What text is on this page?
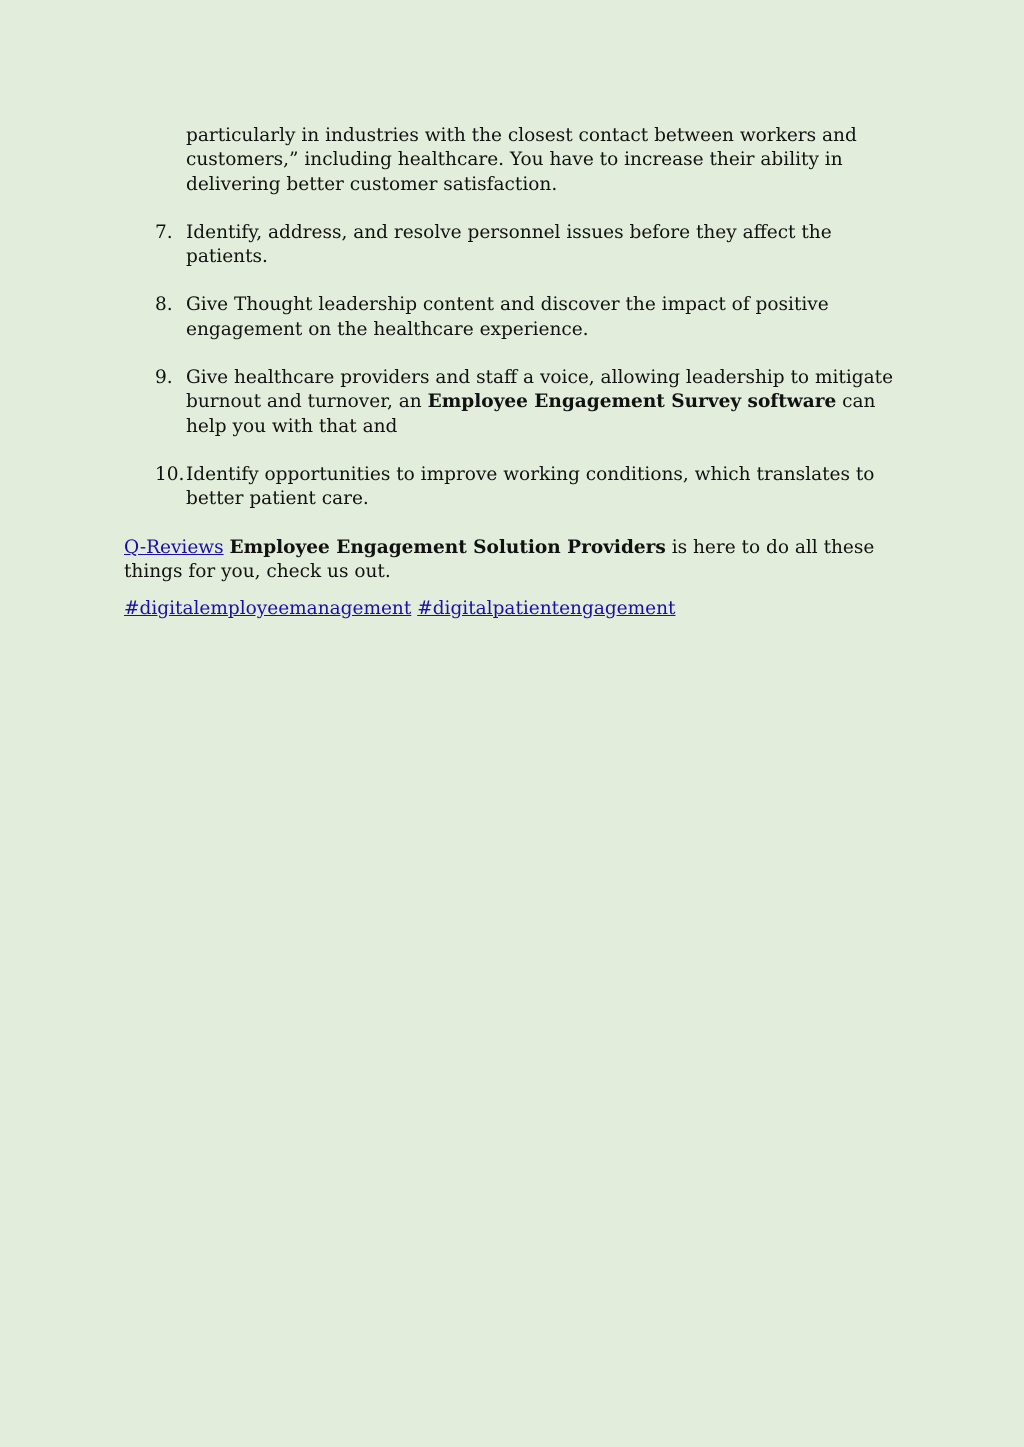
particularly in industries with the closest contact between workers and customers,” including healthcare. You have to increase their ability in delivering better customer satisfaction.

7. Identify, address, and resolve personnel issues before they affect the patients.
8. Give Thought leadership content and discover the impact of positive engagement on the healthcare experience.
9. Give healthcare providers and staff a voice, allowing leadership to mitigate burnout and turnover, an Employee Engagement Survey software can help you with that and
10. Identify opportunities to improve working conditions, which translates to better patient care.

Q-Reviews Employee Engagement Solution Providers is here to do all these things for you, check us out.

#digitalemployeemanagement #digitalpatientengagement
